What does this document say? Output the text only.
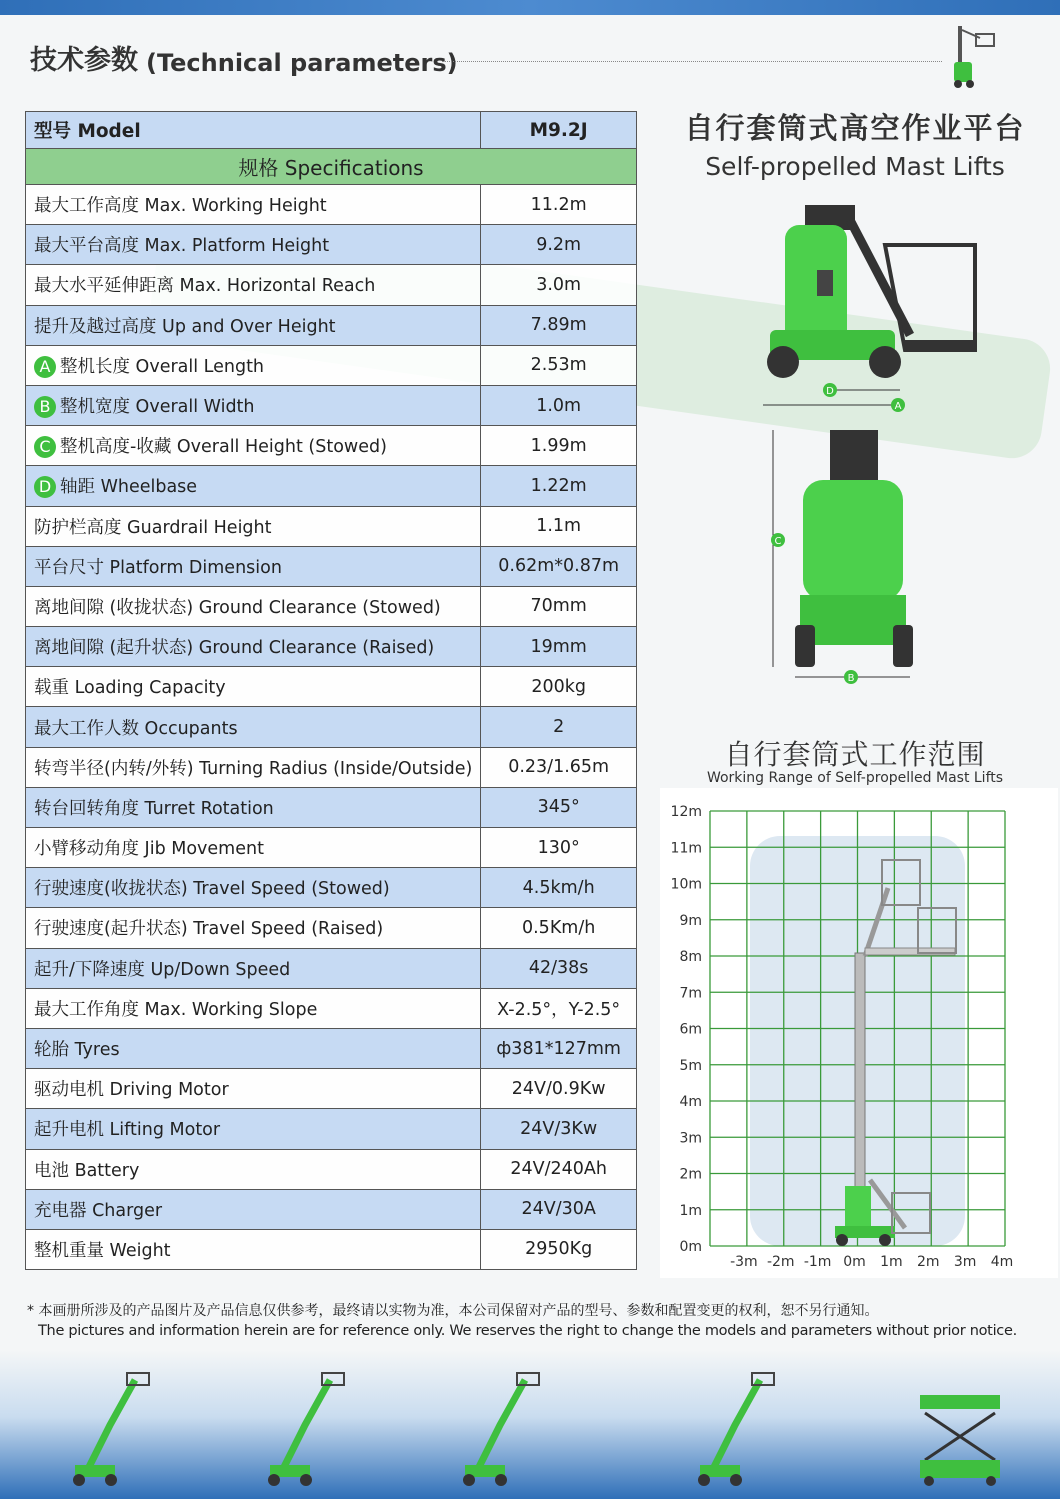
技术参数 (Technical parameters)
型号 Model	M9.2J
规格 Specifications	
最大工作高度 Max. Working Height	11.2m
最大平台高度 Max. Platform Height	9.2m
最大水平延伸距离 Max. Horizontal Reach	3.0m
提升及越过高度 Up and Over Height	7.89m
A 整机长度 Overall Length	2.53m
B 整机宽度 Overall Width	1.0m
C 整机高度-收藏 Overall Height (Stowed)	1.99m
D 轴距 Wheelbase	1.22m
防护栏高度 Guardrail Height	1.1m
平台尺寸 Platform Dimension	0.62m*0.87m
离地间隙 (收拢状态) Ground Clearance (Stowed)	70mm
离地间隙 (起升状态) Ground Clearance (Raised)	19mm
载重 Loading Capacity	200kg
最大工作人数 Occupants	2
转弯半径(内转/外转) Turning Radius (Inside/Outside)	0.23/1.65m
转台回转角度 Turret Rotation	345°
小臂移动角度 Jib Movement	130°
行驶速度(收拢状态) Travel Speed (Stowed)	4.5km/h
行驶速度(起升状态) Travel Speed (Raised)	0.5Km/h
起升/下降速度 Up/Down Speed	42/38s
最大工作角度 Max. Working Slope	X-2.5°，Y-2.5°
轮胎 Tyres	ф381*127mm
驱动电机 Driving Motor	24V/0.9Kw
起升电机 Lifting Motor	24V/3Kw
电池 Battery	24V/240Ah
充电器 Charger	24V/30A
整机重量 Weight	2950Kg
自行套筒式高空作业平台
Self-propelled Mast Lifts
D
A
C
B
自行套筒式工作范围
Working Range of Self-propelled Mast Lifts
0m
1m
2m
3m
4m
5m
6m
7m
8m
9m
10m
11m
12m
-3m -2m -1m 0m 1m 2m 3m 4m
* 本画册所涉及的产品图片及产品信息仅供参考，最终请以实物为准，本公司保留对产品的型号、参数和配置变更的权利，恕不另行通知。
The pictures and information herein are for reference only. We reserves the right to change the models and parameters without prior notice.
